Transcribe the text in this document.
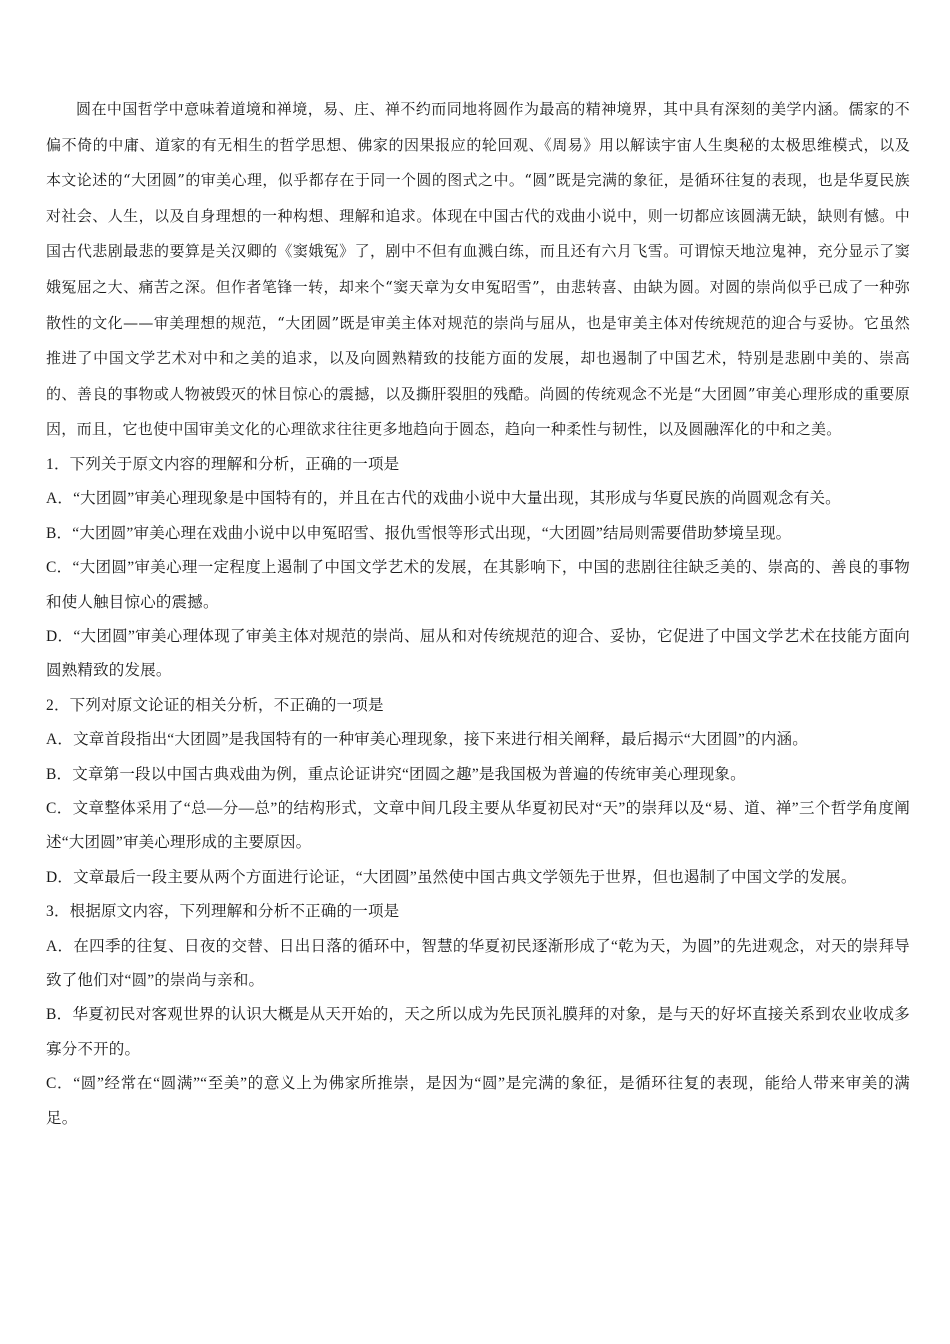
圆在中国哲学中意味着道境和禅境，易、庄、禅不约而同地将圆作为最高的精神境界，其中具有深刻的美学内涵。儒家的不偏不倚的中庸、道家的有无相生的哲学思想、佛家的因果报应的轮回观、《周易》用以解读宇宙人生奥秘的太极思维模式，以及本文论述的“大团圆”的审美心理，似乎都存在于同一个圆的图式之中。“圆”既是完满的象征，是循环往复的表现，也是华夏民族对社会、人生，以及自身理想的一种构想、理解和追求。体现在中国古代的戏曲小说中，则一切都应该圆满无缺，缺则有憾。中国古代悲剧最悲的要算是关汉卿的《窦娥冤》了，剧中不但有血溅白练，而且还有六月飞雪。可谓惊天地泣鬼神，充分显示了窦娥冤屈之大、痛苦之深。但作者笔锋一转，却来个“窦天章为女申冤昭雪”，由悲转喜、由缺为圆。对圆的崇尚似乎已成了一种弥散性的文化——审美理想的规范，“大团圆”既是审美主体对规范的崇尚与屈从，也是审美主体对传统规范的迎合与妥协。它虽然推进了中国文学艺术对中和之美的追求，以及向圆熟精致的技能方面的发展，却也遏制了中国艺术，特别是悲剧中美的、崇高的、善良的事物或人物被毁灭的怵目惊心的震撼，以及撕肝裂胆的残酷。尚圆的传统观念不光是“大团圆”审美心理形成的重要原因，而且，它也使中国审美文化的心理欲求往往更多地趋向于圆态，趋向一种柔性与韧性，以及圆融浑化的中和之美。

1．下列关于原文内容的理解和分析，正确的一项是

A．“大团圆”审美心理现象是中国特有的，并且在古代的戏曲小说中大量出现，其形成与华夏民族的尚圆观念有关。

B．“大团圆”审美心理在戏曲小说中以申冤昭雪、报仇雪恨等形式出现，“大团圆”结局则需要借助梦境呈现。

C．“大团圆”审美心理一定程度上遏制了中国文学艺术的发展，在其影响下，中国的悲剧往往缺乏美的、崇高的、善良的事物和使人触目惊心的震撼。

D．“大团圆”审美心理体现了审美主体对规范的崇尚、屈从和对传统规范的迎合、妥协，它促进了中国文学艺术在技能方面向圆熟精致的发展。

2．下列对原文论证的相关分析，不正确的一项是

A．文章首段指出“大团圆”是我国特有的一种审美心理现象，接下来进行相关阐释，最后揭示“大团圆”的内涵。

B．文章第一段以中国古典戏曲为例，重点论证讲究“团圆之趣”是我国极为普遍的传统审美心理现象。

C．文章整体采用了“总—分—总”的结构形式，文章中间几段主要从华夏初民对“天”的崇拜以及“易、道、禅”三个哲学角度阐述“大团圆”审美心理形成的主要原因。

D．文章最后一段主要从两个方面进行论证，“大团圆”虽然使中国古典文学领先于世界，但也遏制了中国文学的发展。

3．根据原文内容，下列理解和分析不正确的一项是

A．在四季的往复、日夜的交替、日出日落的循环中，智慧的华夏初民逐渐形成了“乾为天，为圆”的先进观念，对天的崇拜导致了他们对“圆”的崇尚与亲和。

B．华夏初民对客观世界的认识大概是从天开始的，天之所以成为先民顶礼膜拜的对象，是与天的好坏直接关系到农业收成多寡分不开的。

C．“圆”经常在“圆满”“至美”的意义上为佛家所推崇，是因为“圆”是完满的象征，是循环往复的表现，能给人带来审美的满足。
